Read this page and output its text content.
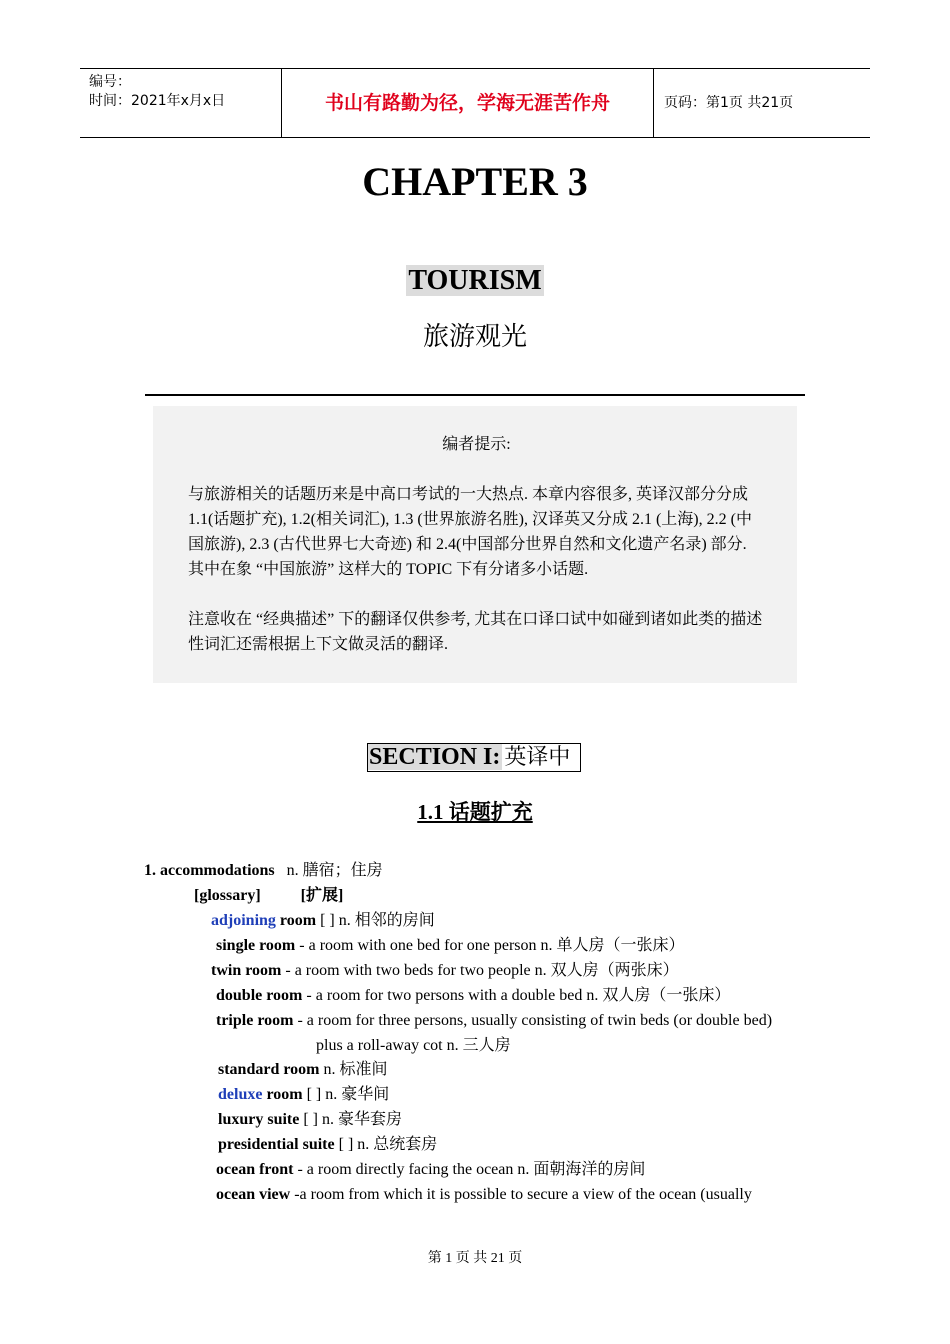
编号：
时间：2021年x月x日	书山有路勤为径，学海无涯苦作舟	页码：第1页 共21页
CHAPTER 3
TOURISM
旅游观光
编者提示:

与旅游相关的话题历来是中高口考试的一大热点. 本章内容很多, 英译汉部分分成 1.1(话题扩充), 1.2(相关词汇), 1.3 (世界旅游名胜), 汉译英又分成 2.1 (上海), 2.2 (中国旅游), 2.3 (古代世界七大奇迹) 和 2.4(中国部分世界自然和文化遗产名录) 部分. 其中在象 “中国旅游” 这样大的 TOPIC 下有分诸多小话题.

注意收在 “经典描述” 下的翻译仅供参考, 尤其在口译口试中如碰到诸如此类的描述性词汇还需根据上下文做灵活的翻译.

SECTION I: 英译中
1.1 话题扩充
1. accommodations n. 膳宿；住房
[glossary]	[扩展]
adjoining room [ ] n. 相邻的房间
single room - a room with one bed for one person n. 单人房（一张床）
twin room - a room with two beds for two people n. 双人房（两张床）
double room - a room for two persons with a double bed n. 双人房（一张床）
triple room - a room for three persons, usually consisting of twin beds (or double bed)
plus a roll-away cot n. 三人房
standard room n. 标准间
deluxe room [ ] n. 豪华间
luxury suite [ ] n. 豪华套房
presidential suite [ ] n. 总统套房
ocean front - a room directly facing the ocean n. 面朝海洋的房间
ocean view -a room from which it is possible to secure a view of the ocean (usually
第 1 页 共 21 页
